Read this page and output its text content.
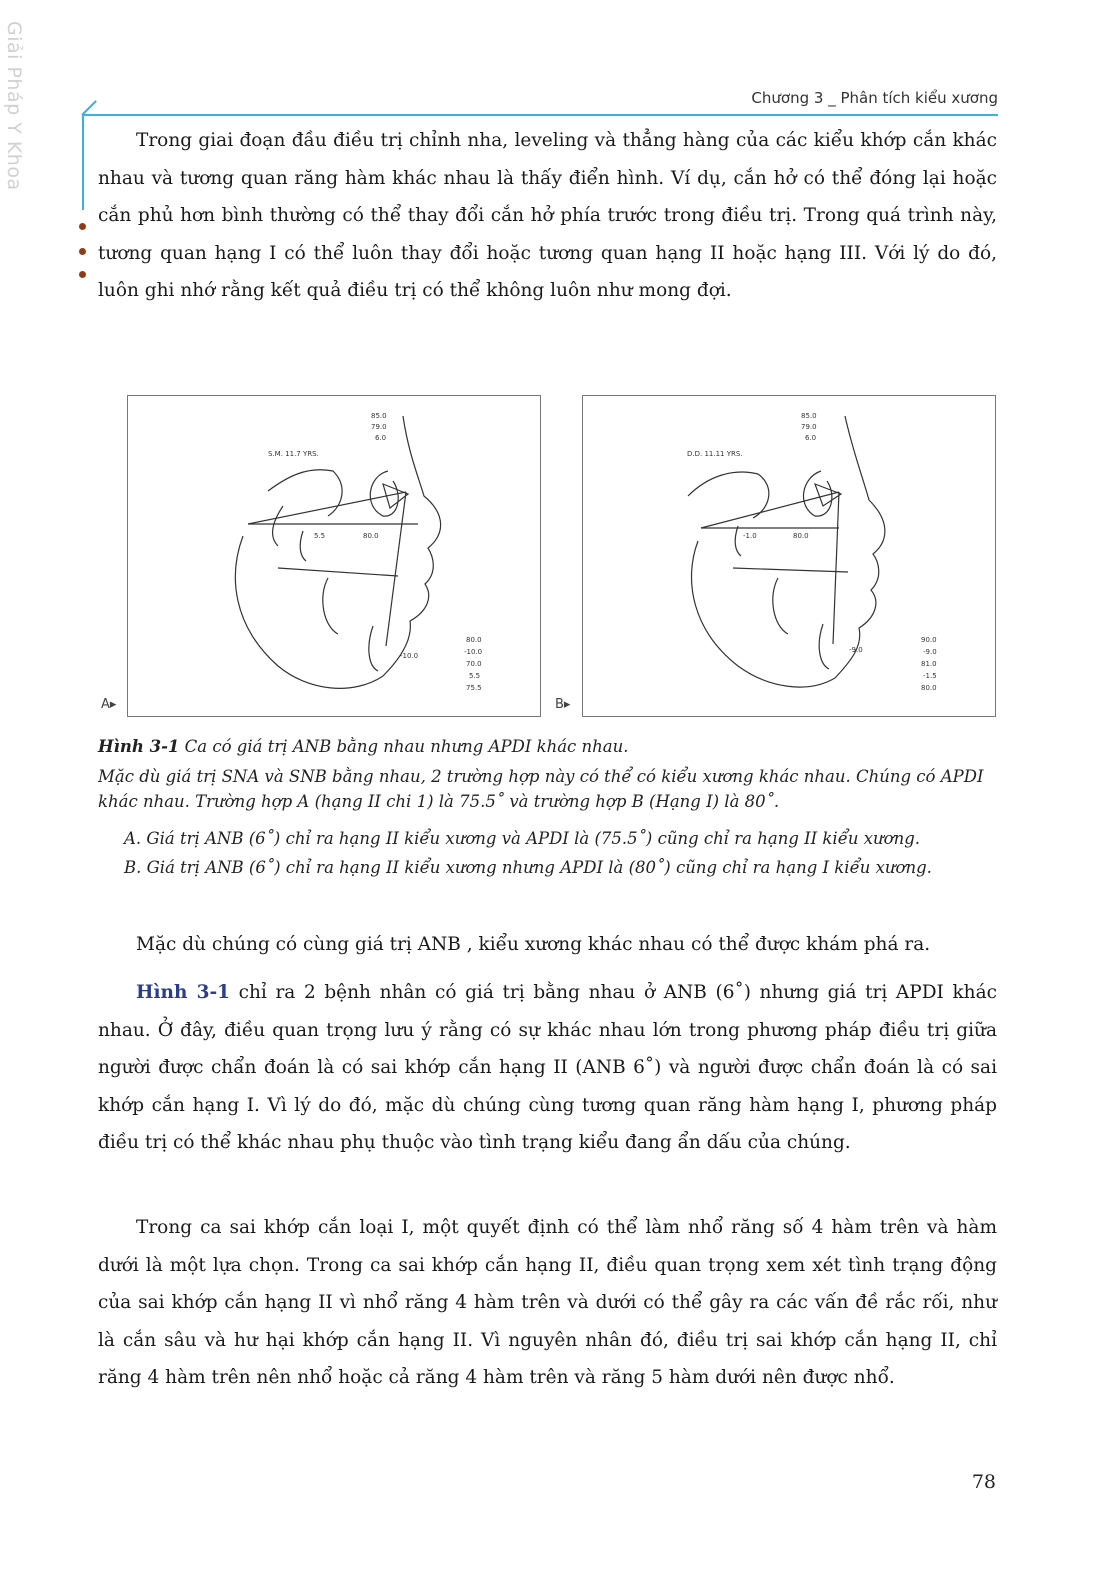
Giải Pháp Y Khoa	Chương 3 _ Phân tích kiểu xương

Trong giai đoạn đầu điều trị chỉnh nha, leveling và thẳng hàng của các kiểu khớp cắn khác nhau và tương quan răng hàm khác nhau là thấy điển hình. Ví dụ, cắn hở có thể đóng lại hoặc cắn phủ hơn bình thường có thể thay đổi cắn hở phía trước trong điều trị. Trong quá trình này, tương quan hạng I có thể luôn thay đổi hoặc tương quan hạng II hoặc hạng III. Với lý do đó, luôn ghi nhớ rằng kết quả điều trị có thể không luôn như mong đợi.

S.M. 11.7 YRS.
85.0
79.0
6.0
5.5	80.0
-10.0
80.0
-10.0
70.0
5.5
75.5
A▸
D.D. 11.11 YRS.
85.0
79.0
6.0
-1.0	80.0
-9.0
90.0
-9.0
81.0
-1.5
80.0
B▸

Hình 3-1 Ca có giá trị ANB bằng nhau nhưng APDI khác nhau.

Mặc dù giá trị SNA và SNB bằng nhau, 2 trường hợp này có thể có kiểu xương khác nhau. Chúng có APDI khác nhau. Trường hợp A (hạng II chi 1) là 75.5˚ và trường hợp B (Hạng I) là 80˚.

A. Giá trị ANB (6˚) chỉ ra hạng II kiểu xương và APDI là (75.5˚) cũng chỉ ra hạng II kiểu xương.

B. Giá trị ANB (6˚) chỉ ra hạng II kiểu xương nhưng APDI là (80˚) cũng chỉ ra hạng I kiểu xương.

Mặc dù chúng có cùng giá trị ANB , kiểu xương khác nhau có thể được khám phá ra.

Hình 3-1 chỉ ra 2 bệnh nhân có giá trị bằng nhau ở ANB (6˚) nhưng giá trị APDI khác nhau. Ở đây, điều quan trọng lưu ý rằng có sự khác nhau lớn trong phương pháp điều trị giữa người được chẩn đoán là có sai khớp cắn hạng II (ANB 6˚) và người được chẩn đoán là có sai khớp cắn hạng I. Vì lý do đó, mặc dù chúng cùng tương quan răng hàm hạng I, phương pháp điều trị có thể khác nhau phụ thuộc vào tình trạng kiểu đang ẩn dấu của chúng.

Trong ca sai khớp cắn loại I, một quyết định có thể làm nhổ răng số 4 hàm trên và hàm dưới là một lựa chọn. Trong ca sai khớp cắn hạng II, điều quan trọng xem xét tình trạng động của sai khớp cắn hạng II vì nhổ răng 4 hàm trên và dưới có thể gây ra các vấn đề rắc rối, như là cắn sâu và hư hại khớp cắn hạng II. Vì nguyên nhân đó, điều trị sai khớp cắn hạng II, chỉ răng 4 hàm trên nên nhổ hoặc cả răng 4 hàm trên và răng 5 hàm dưới nên được nhổ.

78
